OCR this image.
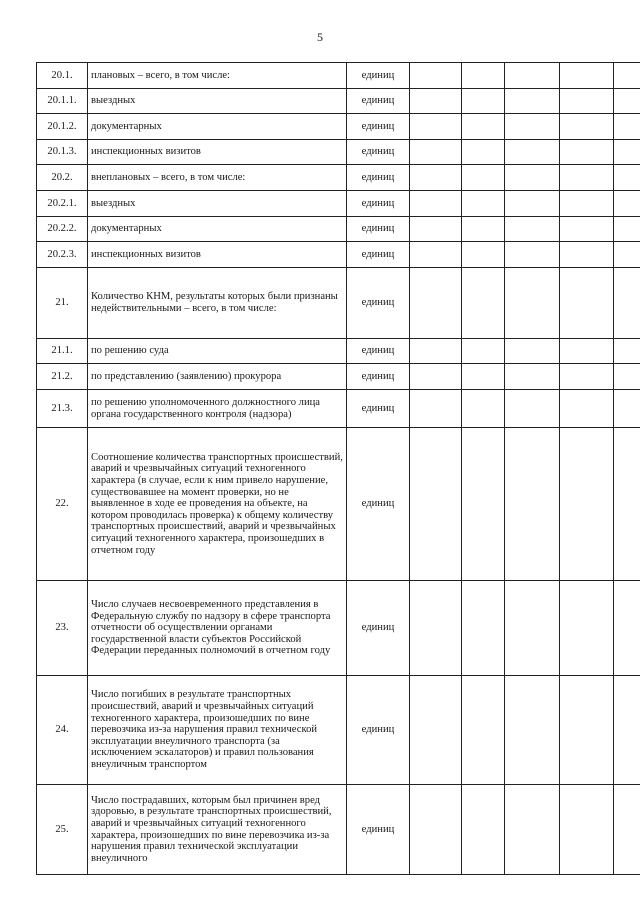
5
20.1.	плановых – всего, в том числе:	единиц					
20.1.1.	выездных	единиц					
20.1.2.	документарных	единиц					
20.1.3.	инспекционных визитов	единиц					
20.2.	внеплановых – всего, в том числе:	единиц					
20.2.1.	выездных	единиц					
20.2.2.	документарных	единиц					
20.2.3.	инспекционных визитов	единиц					
21.	Количество КНМ, результаты которых были признаны недействительными – всего, в том числе:	единиц					
21.1.	по решению суда	единиц					
21.2.	по представлению (заявлению) прокурора	единиц					
21.3.	по решению уполномоченного должностного лица органа государственного контроля (надзора)	единиц					
22.	Соотношение количества транспортных происшествий, аварий и чрезвычайных ситуаций техногенного характера (в случае, если к ним привело нарушение, существовавшее на момент проверки, но не выявленное в ходе ее проведения на объекте, на котором проводилась проверка) к общему количеству транспортных происшествий, аварий и чрезвычайных ситуаций техногенного характера, произошедших в отчетном году	единиц					
23.	Число случаев несвоевременного представления в Федеральную службу по надзору в сфере транспорта отчетности об осуществлении органами государственной власти субъектов Российской Федерации переданных полномочий в отчетном году	единиц					
24.	Число погибших в результате транспортных происшествий, аварий и чрезвычайных ситуаций техногенного характера, произошедших по вине перевозчика из-за нарушения правил технической эксплуатации внеуличного транспорта (за исключением эскалаторов) и правил пользования внеуличным транспортом	единиц					
25.	Число пострадавших, которым был причинен вред здоровью, в результате транспортных происшествий, аварий и чрезвычайных ситуаций техногенного характера, произошедших по вине перевозчика из-за нарушения правил технической эксплуатации внеуличного	единиц					
